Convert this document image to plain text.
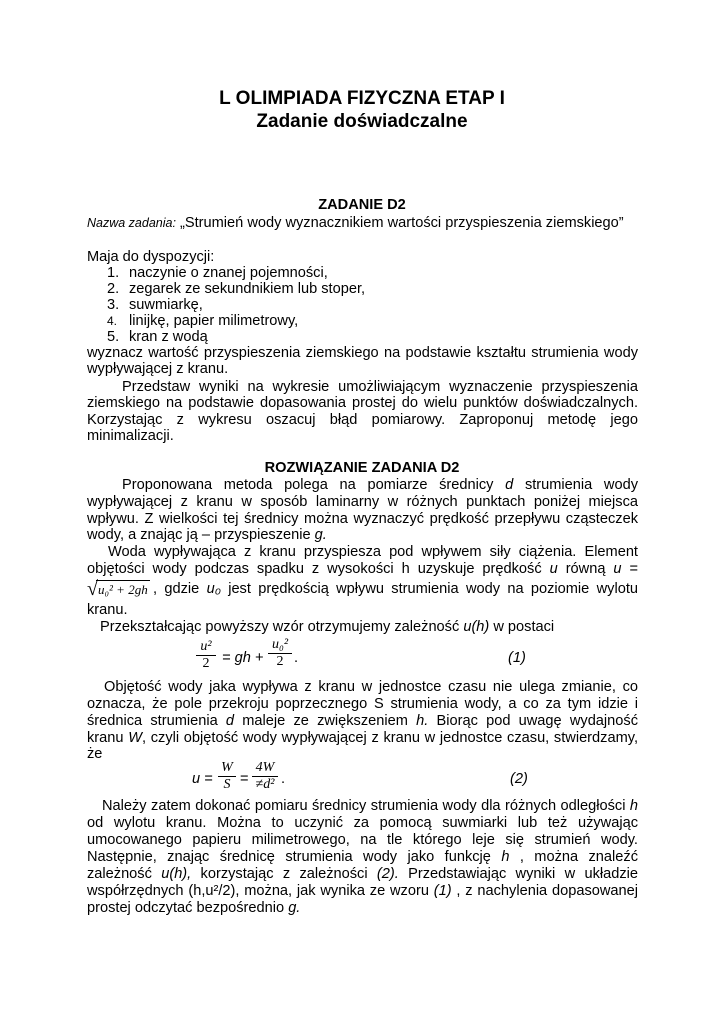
L OLIMPIADA FIZYCZNA ETAP I
Zadanie doświadczalne
ZADANIE D2
Nazwa zadania: „Strumień wody wyznacznikiem wartości przyspieszenia ziemskiego”
Maja do dyspozycji:
1. naczynie o znanej pojemności,
2. zegarek ze sekundnikiem lub stoper,
3. suwmiarkę,
4. linijkę, papier milimetrowy,
5. kran z wodą
wyznacz wartość przyspieszenia ziemskiego na podstawie kształtu strumienia wody
wypływającej z kranu.
Przedstaw wyniki na wykresie umożliwiającym wyznaczenie przyspieszenia
ziemskiego na podstawie dopasowania prostej do wielu punktów doświadczalnych.
Korzystając z wykresu oszacuj błąd pomiarowy. Zaproponuj metodę jego
minimalizacji.
ROZWIĄZANIE ZADANIA D2
Proponowana metoda polega na pomiarze średnicy d strumienia wody
wypływającej z kranu w sposób laminarny w różnych punktach poniżej miejsca
wpływu. Z wielkości tej średnicy można wyznaczyć prędkość przepływu cząsteczek
wody, a znając ją – przyspieszenie g.
Woda wypływająca z kranu przyspiesza pod wpływem siły ciążenia. Element
objętości wody podczas spadku z wysokości h uzyskuje prędkość u równą u =
√ u₀² + 2gh , gdzie u₀ jest prędkością wpływu strumienia wody na poziomie wylotu
kranu.
Przekształcając powyższy wzór otrzymujemy zależność u(h) w postaci
u²
2 = gh +
u₀²
2 .	(1)
Objętość wody jaka wypływa z kranu w jednostce czasu nie ulega zmianie, co
oznacza, że pole przekroju poprzecznego S strumienia wody, a co za tym idzie i
średnica strumienia d maleje ze zwiększeniem h. Biorąc pod uwagę wydajność
kranu W, czyli objętość wody wypływającej z kranu w jednostce czasu, stwierdzamy,
że
u =
W
S =
4W
≠d² .	(2)
Należy zatem dokonać pomiaru średnicy strumienia wody dla różnych odległości h
od wylotu kranu. Można to uczynić za pomocą suwmiarki lub też używając
umocowanego papieru milimetrowego, na tle którego leje się strumień wody.
Następnie, znając średnicę strumienia wody jako funkcję h , można znaleźć
zależność u(h), korzystając z zależności (2). Przedstawiając wyniki w układzie
współrzędnych (h,u²/2), można, jak wynika ze wzoru (1) , z nachylenia dopasowanej
prostej odczytać bezpośrednio g.
